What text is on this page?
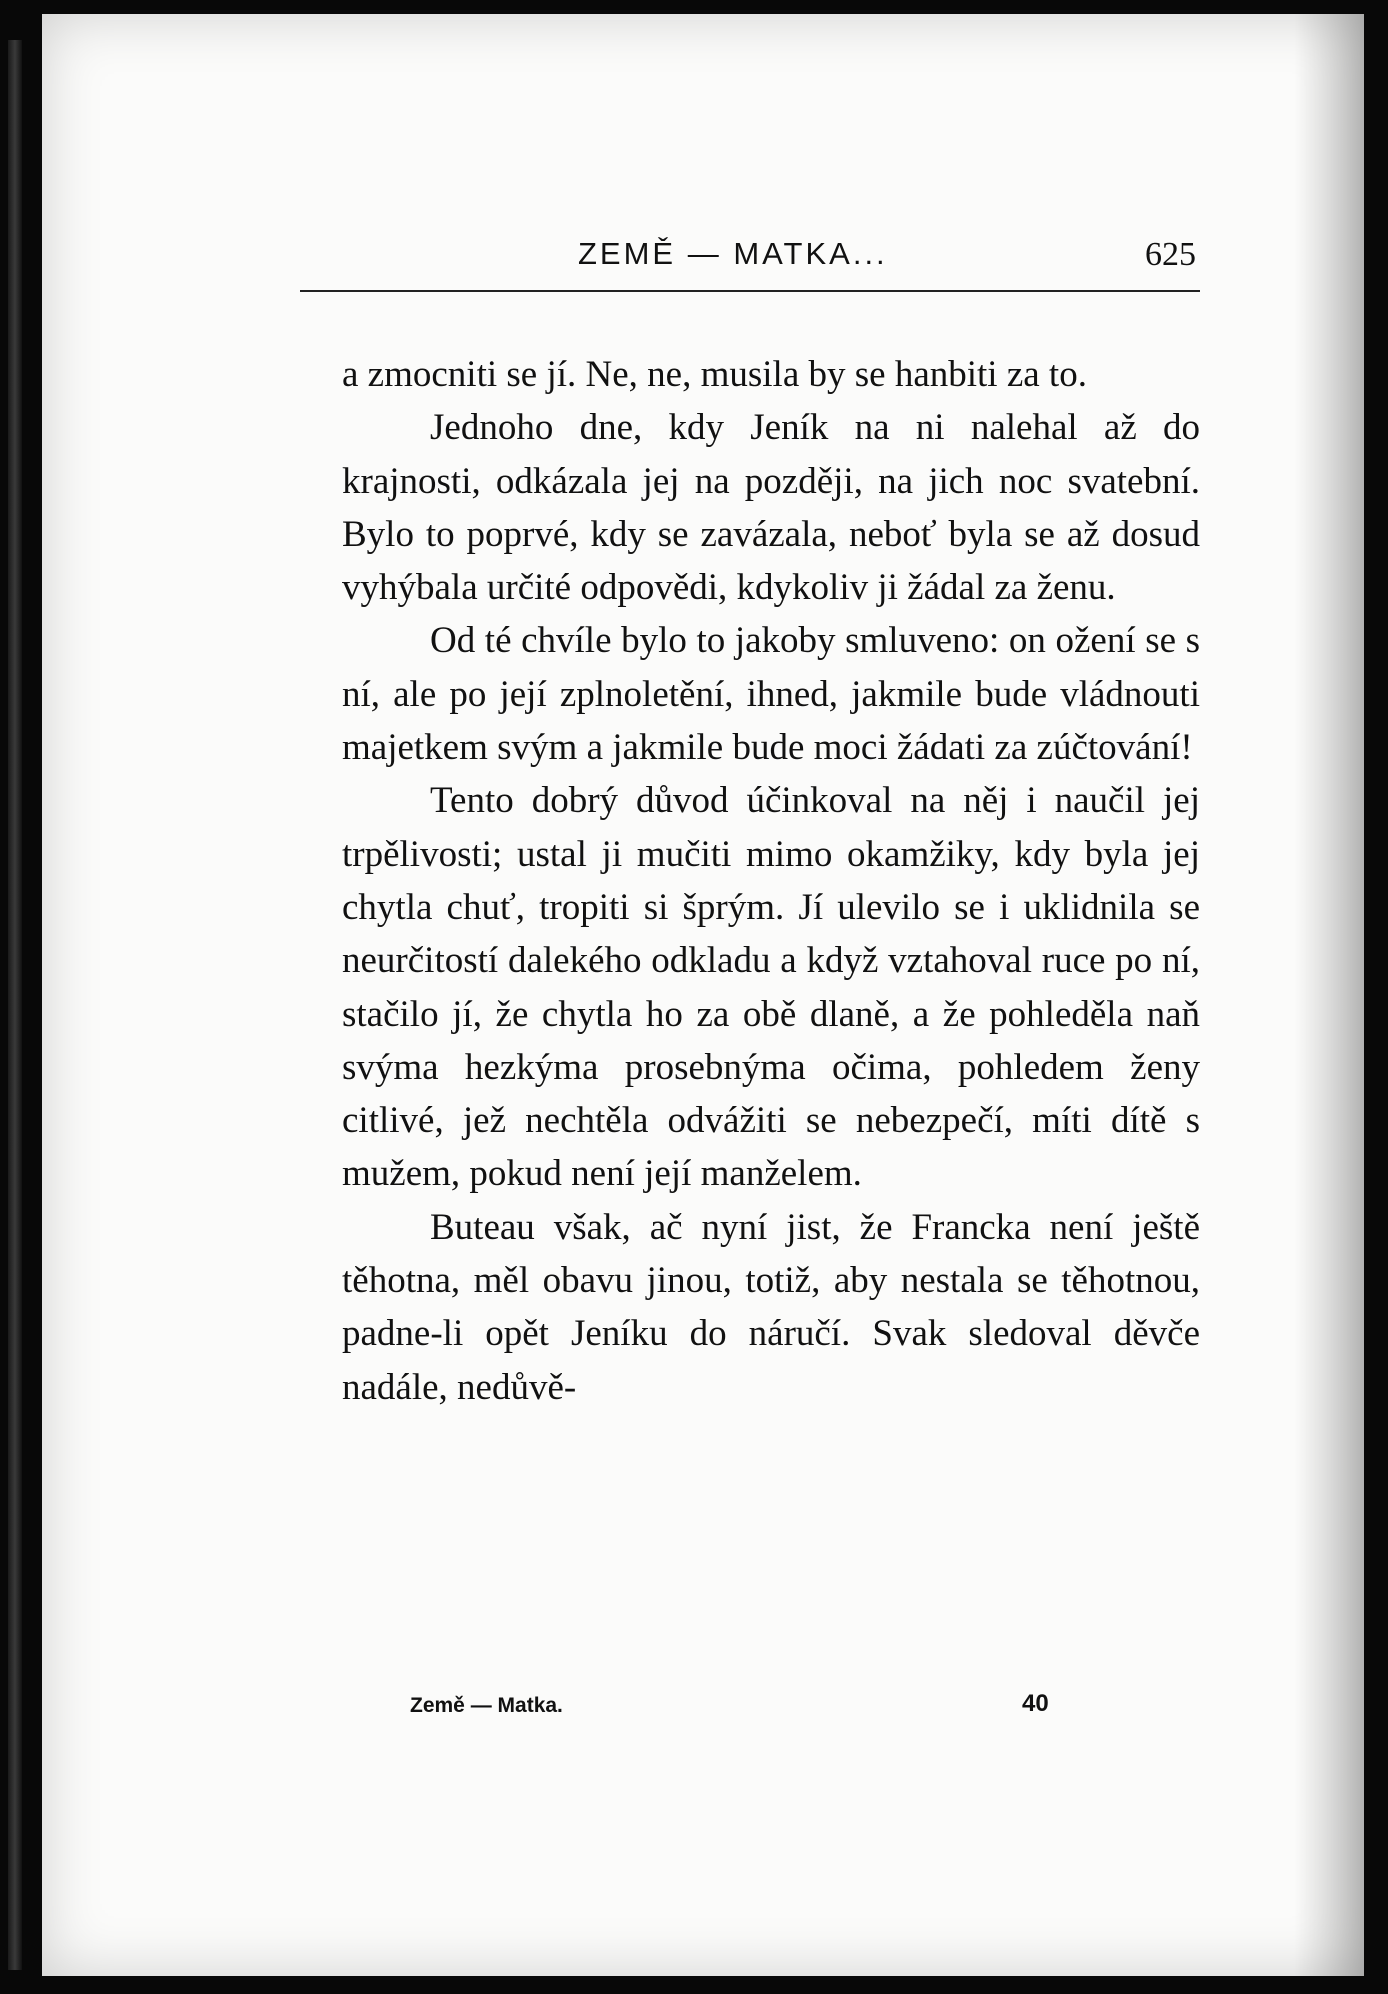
ZEMĚ — MATKA...	625

a zmocniti se jí. Ne, ne, musila by se hanbiti za to.

Jednoho dne, kdy Jeník na ni nalehal až do krajnosti, odkázala jej na později, na jich noc svatební. Bylo to poprvé, kdy se zavázala, neboť byla se až dosud vyhýbala určité odpovědi, kdykoliv ji žádal za ženu.

Od té chvíle bylo to jakoby smluveno: on ožení se s ní, ale po její zplnoletění, ihned, jakmile bude vládnouti majetkem svým a jakmile bude moci žádati za zúčtování!

Tento dobrý důvod účinkoval na něj i naučil jej trpělivosti; ustal ji mučiti mimo okamžiky, kdy byla jej chytla chuť, tropiti si šprým. Jí ulevilo se i uklidnila se neurčitostí dalekého odkladu a když vztahoval ruce po ní, stačilo jí, že chytla ho za obě dlaně, a že pohleděla naň svýma hezkýma prosebnýma očima, pohledem ženy citlivé, jež nechtěla odvážiti se nebezpečí, míti dítě s mužem, pokud není její manželem.

Buteau však, ač nyní jist, že Francka není ještě těhotna, měl obavu jinou, totiž, aby nestala se těhotnou, padne-li opět Jeníku do náručí. Svak sledoval děvče nadále, nedůvě-

Země — Matka.	40
